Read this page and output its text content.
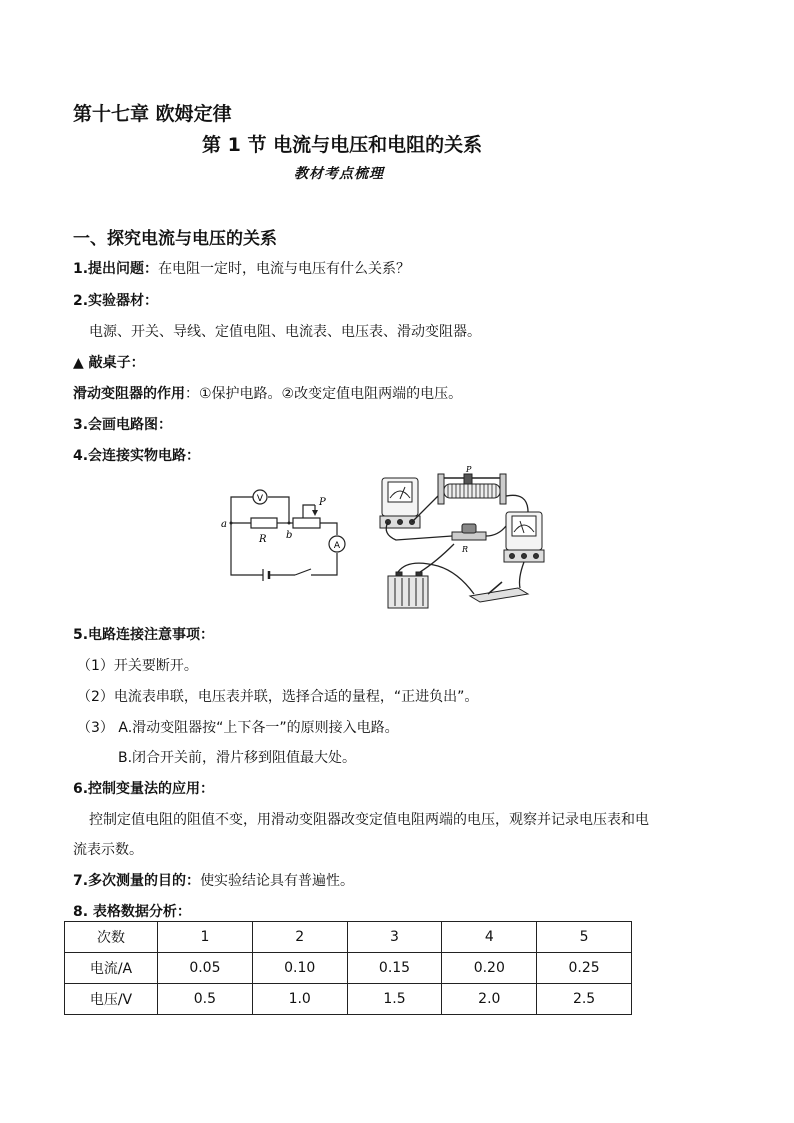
第十七章 欧姆定律
第 1 节 电流与电压和电阻的关系
教材考点梳理
一、探究电流与电压的关系
1.提出问题：在电阻一定时，电流与电压有什么关系？
2.实验器材：
电源、开关、导线、定值电阻、电流表、电压表、滑动变阻器。
▲ 敲桌子：
滑动变阻器的作用：①保护电路。②改变定值电阻两端的电压。
3.会画电路图：
4.会连接实物电路：
V
A
a
b
R
P
P
R
5.电路连接注意事项：
（1）开关要断开。
（2）电流表串联，电压表并联，选择合适的量程，“正进负出”。
（3） A.滑动变阻器按“上下各一”的原则接入电路。
B.闭合开关前，滑片移到阻值最大处。
6.控制变量法的应用：
控制定值电阻的阻值不变，用滑动变阻器改变定值电阻两端的电压，观察并记录电压表和电
流表示数。
7.多次测量的目的：使实验结论具有普遍性。
8. 表格数据分析：
次数	1	2	3	4	5
电流/A	0.05	0.10	0.15	0.20	0.25
电压/V	0.5	1.0	1.5	2.0	2.5
